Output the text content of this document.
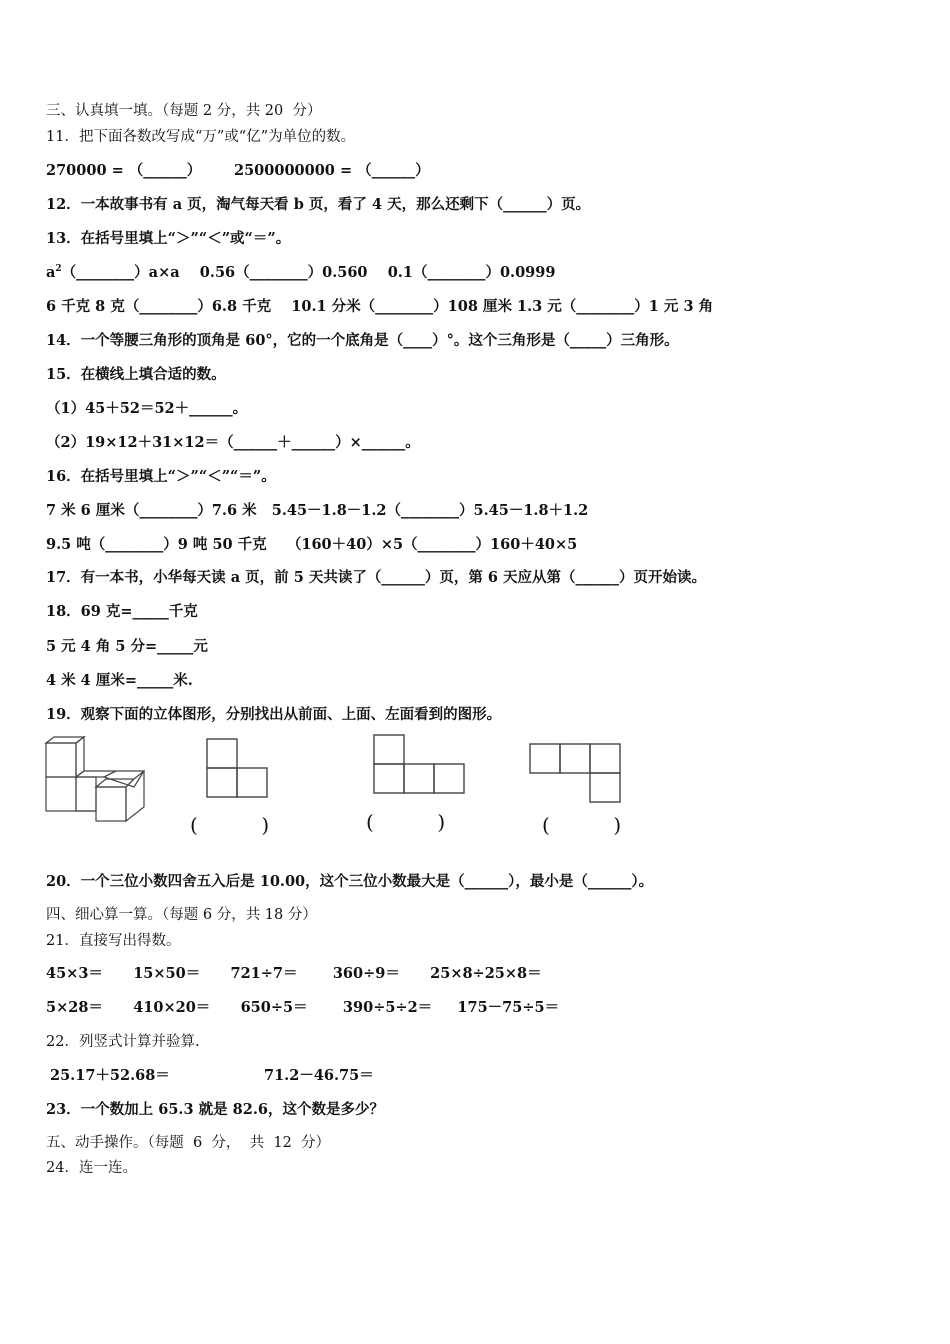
三、认真填一填。（每题 2 分，共 20  分）
11．把下面各数改写成“万”或“亿”为单位的数。
270000 = （______） 2500000000 = （______）
12．一本故事书有 a 页，淘气每天看 b 页，看了 4 天，那么还剩下（______）页。
13．在括号里填上“＞”“＜”或“＝”。
$a^2(\_\_\_\_\_\_\_\_)a\times a$    0.56（________）0.560    0.1（________）0.0999
6 千克 8 克（________）6.8 千克    10.1 分米（________）108 厘米 1.3 元（________）1 元 3 角
14．一个等腰三角形的顶角是 60°，它的一个底角是（____）°。这个三角形是（_____）三角形。
15．在横线上填合适的数。
（1）45＋52＝52＋______。
（2）19×12＋31×12＝（______＋______）×______。
16．在括号里填上“＞”“＜”“＝”。
7 米 6 厘米（________）7.6 米   5.45－1.8－1.2（________）5.45－1.8＋1.2
9.5 吨（________）9 吨 50 千克    （160＋40）×5（________）160＋40×5
17．有一本书，小华每天读 a 页，前 5 天共读了（______）页，第 6 天应从第（______）页开始读。
18．69 克=_____千克
5 元 4 角 5 分=_____元
4 米 4 厘米=_____米.
19．观察下面的立体图形，分别找出从前面、上面、左面看到的图形。
(          )	(          )	(          )
20．一个三位小数四舍五入后是 10.00，这个三位小数最大是（______），最小是（______）。
四、细心算一算。（每题 6 分，共 18 分）
21．直接写出得数。
45×3＝      15×50＝      721÷7＝       360÷9＝      25×8÷25×8＝
5×28＝      410×20＝      650÷5＝       390÷5÷2＝     175－75÷5＝
22．列竖式计算并验算.
25.17＋52.68＝	71.2－46.75＝
23．一个数加上 65.3 就是 82.6，这个数是多少？
五、动手操作。（每题  6  分，  共  12  分）
24．连一连。
